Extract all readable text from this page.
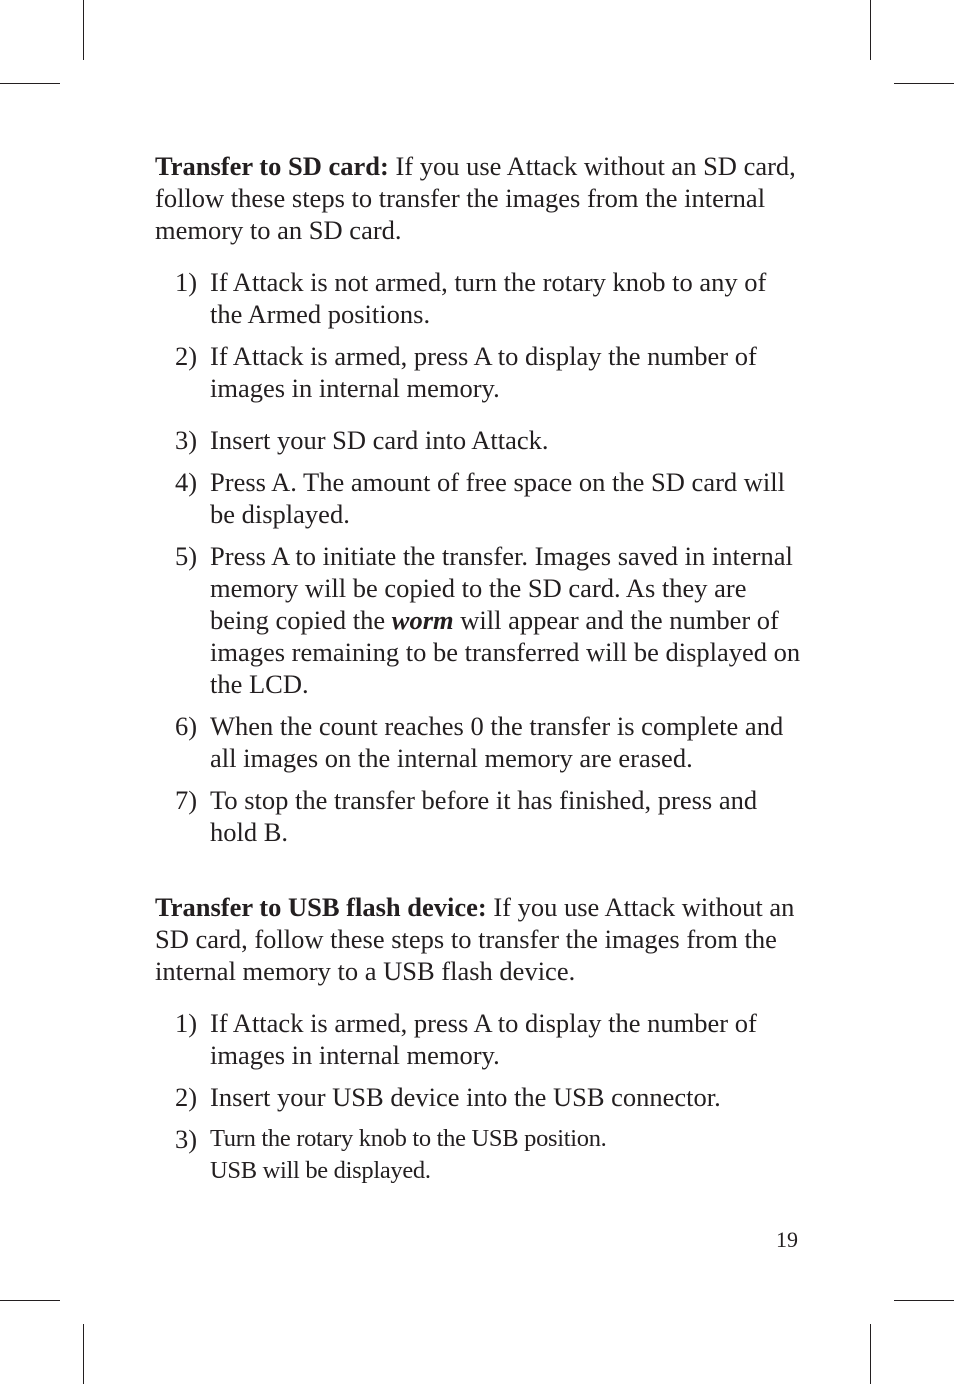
Transfer to SD card: If you use Attack without an SD card, follow these steps to transfer the images from the internal memory to an SD card.

1) If Attack is not armed, turn the rotary knob to any of the Armed positions.
2) If Attack is armed, press A to display the number of images in internal memory.
3) Insert your SD card into Attack.
4) Press A. The amount of free space on the SD card will be displayed.
5) Press A to initiate the transfer. Images saved in internal memory will be copied to the SD card. As they are being copied the worm will appear and the number of images remaining to be transferred will be displayed on the LCD.
6) When the count reaches 0 the transfer is complete and all images on the internal memory are erased.
7) To stop the transfer before it has finished, press and hold B.

Transfer to USB flash device: If you use Attack without an SD card, follow these steps to transfer the images from the internal memory to a USB flash device.

1) If Attack is armed, press A to display the number of images in internal memory.
2) Insert your USB device into the USB connector.
3) Turn the rotary knob to the USB position.
USB will be displayed.
19
